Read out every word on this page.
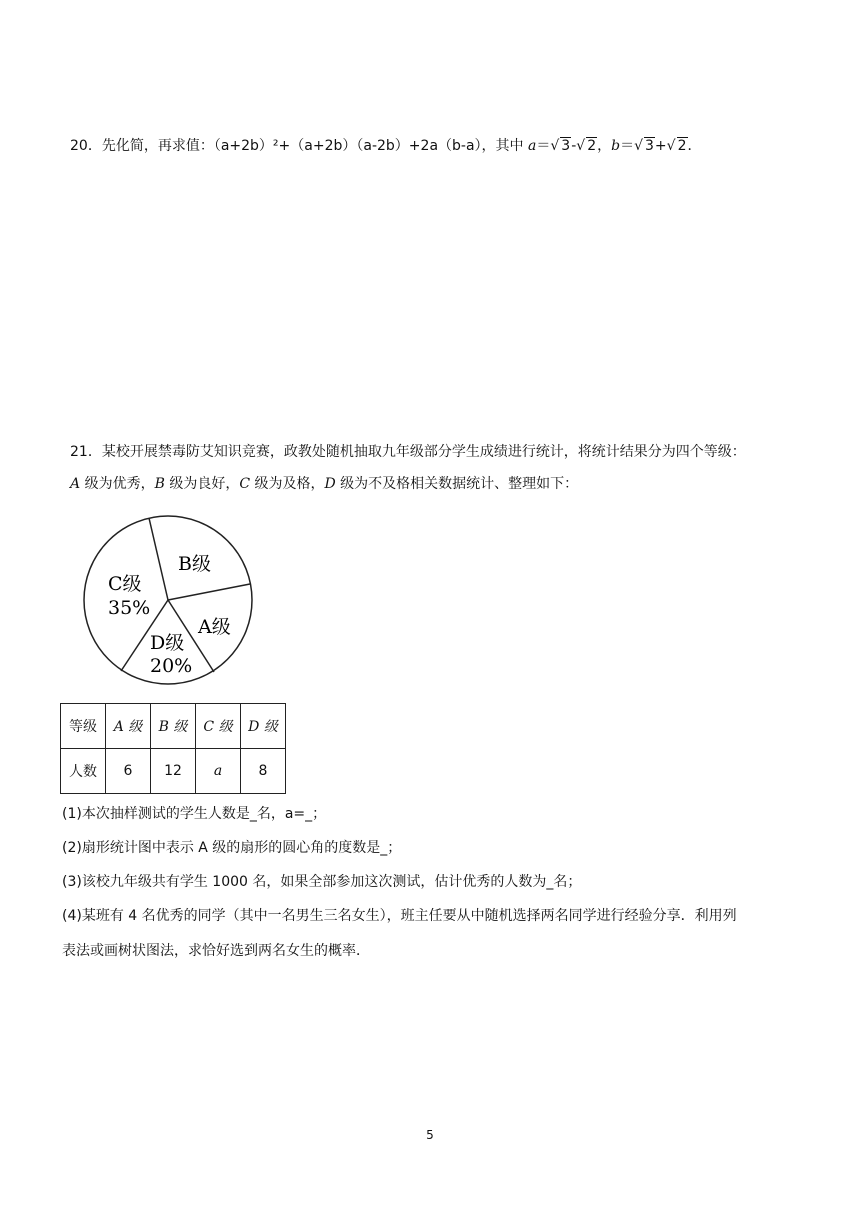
20．先化简，再求值：（a+2b）²+（a+2b）（a-2b）+2a（b-a），其中 a＝√ 3-√ 2，b＝√ 3+√ 2．
21．某校开展禁毒防艾知识竞赛，政教处随机抽取九年级部分学生成绩进行统计，将统计结果分为四个等级：
A 级为优秀，B 级为良好，C 级为及格，D 级为不及格相关数据统计、整理如下：
B级
C级
35%
A级
D级
20%
等级	A 级	B 级	C 级	D 级
人数	6	12	a	8
(1)本次抽样测试的学生人数是_名，a=_；
(2)扇形统计图中表示 A 级的扇形的圆心角的度数是_；
(3)该校九年级共有学生 1000 名，如果全部参加这次测试，估计优秀的人数为_名；
(4)某班有 4 名优秀的同学（其中一名男生三名女生），班主任要从中随机选择两名同学进行经验分享．利用列
表法或画树状图法，求恰好选到两名女生的概率．
5
